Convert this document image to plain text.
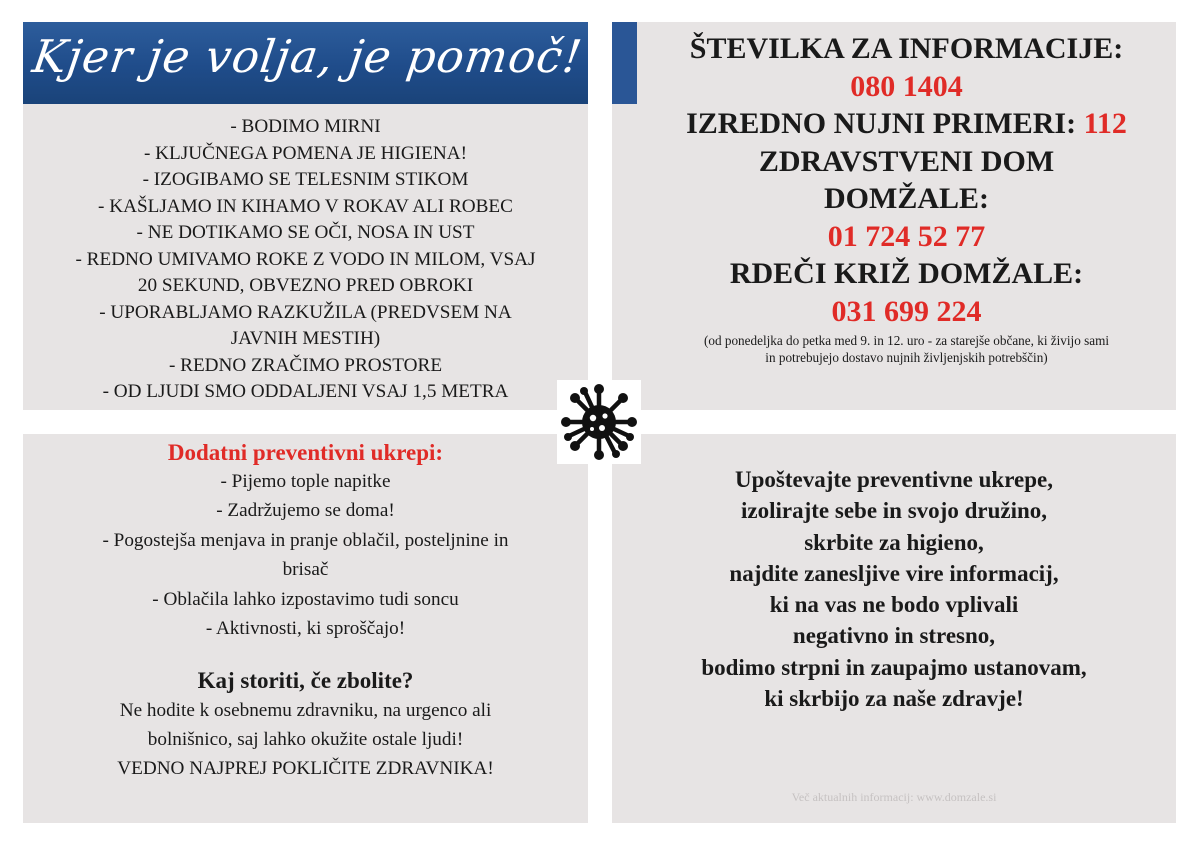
Kjer je volja, je pomoč!
- BODIMO MIRNI
- KLJUČNEGA POMENA JE HIGIENA!
- IZOGIBAMO SE TELESNIM STIKOM
- KAŠLJAMO IN KIHAMO V ROKAV ALI ROBEC
- NE DOTIKAMO SE OČI, NOSA IN UST
- REDNO UMIVAMO ROKE Z VODO IN MILOM, VSAJ
20 SEKUND, OBVEZNO PRED OBROKI
- UPORABLJAMO RAZKUŽILA (PREDVSEM NA
JAVNIH MESTIH)
- REDNO ZRAČIMO PROSTORE
- OD LJUDI SMO ODDALJENI VSAJ 1,5 METRA
ŠTEVILKA ZA INFORMACIJE:
080 1404
IZREDNO NUJNI PRIMERI: 112
ZDRAVSTVENI DOM
DOMŽALE:
01 724 52 77
RDEČI KRIŽ DOMŽALE:
031 699 224
(od ponedeljka do petka med 9. in 12. uro - za starejše občane, ki živijo sami
in potrebujejo dostavo nujnih življenjskih potrebščin)
Dodatni preventivni ukrepi:
- Pijemo tople napitke
- Zadržujemo se doma!
- Pogostejša menjava in pranje oblačil, posteljnine in
brisač
- Oblačila lahko izpostavimo tudi soncu
- Aktivnosti, ki sproščajo!
Kaj storiti, če zbolite?
Ne hodite k osebnemu zdravniku, na urgenco ali
bolnišnico, saj lahko okužite ostale ljudi!
VEDNO NAJPREJ POKLIČITE ZDRAVNIKA!
Upoštevajte preventivne ukrepe,
izolirajte sebe in svojo družino,
skrbite za higieno,
najdite zanesljive vire informacij,
ki na vas ne bodo vplivali
negativno in stresno,
bodimo strpni in zaupajmo ustanovam,
ki skrbijo za naše zdravje!
Več aktualnih informacij: www.domzale.si
